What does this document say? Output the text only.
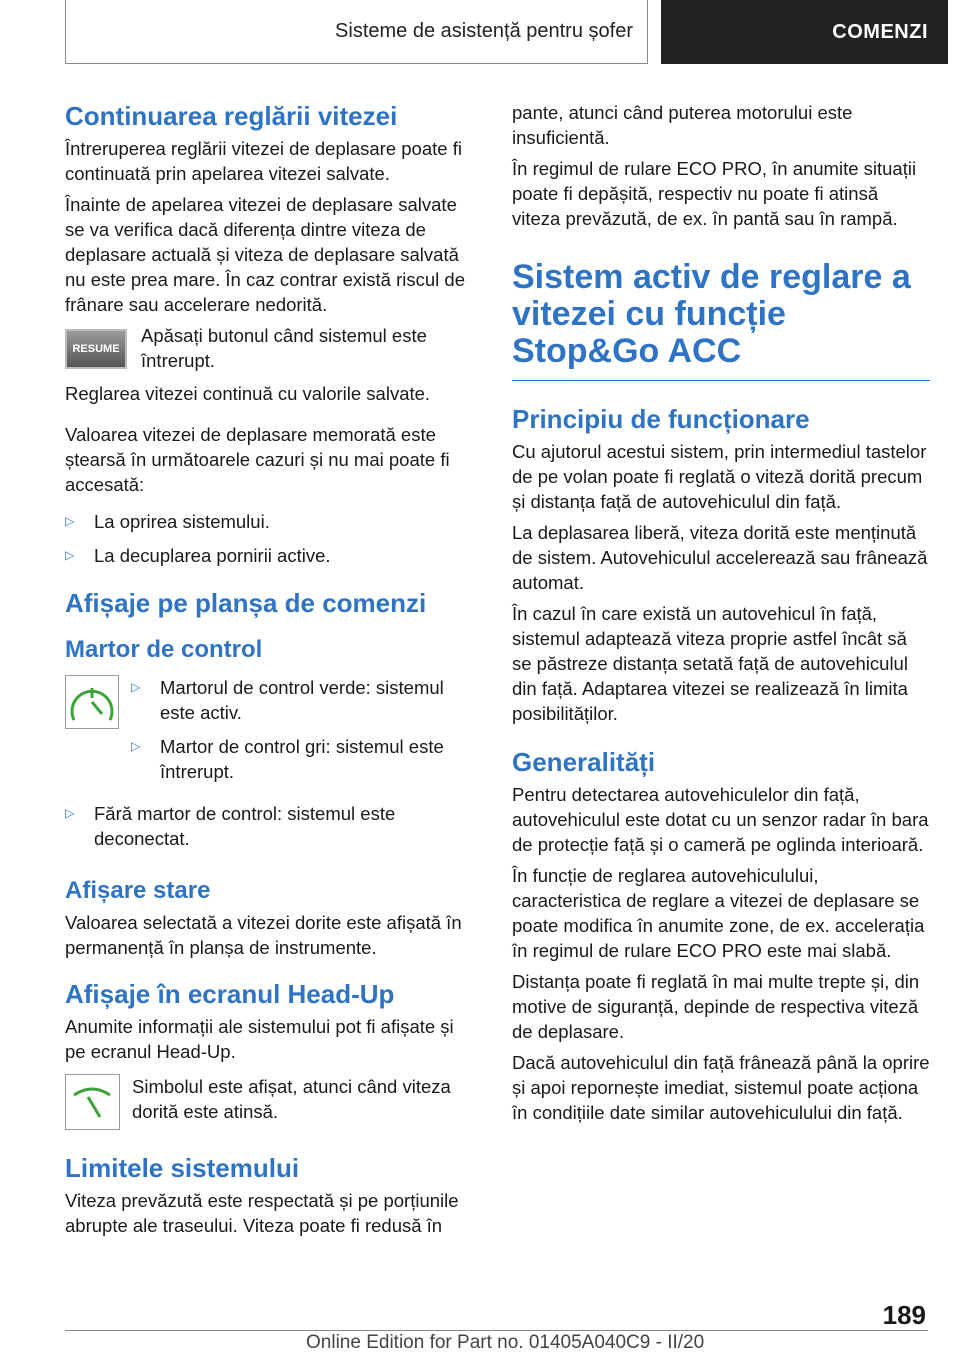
Sisteme de asistență pentru șofer	COMENZI
Continuarea reglării vitezei

Întreruperea reglării vitezei de deplasare poate fi continuată prin apelarea vitezei salvate.

Înainte de apelarea vitezei de deplasare salvate se va verifica dacă diferența dintre viteza de deplasare actuală și viteza de deplasare salvată nu este prea mare. În caz contrar există riscul de frânare sau accelerare nedorită.

RESUME

Apăsați butonul când sistemul este întrerupt.

Reglarea vitezei continuă cu valorile salvate.

Valoarea vitezei de deplasare memorată este ștearsă în următoarele cazuri și nu mai poate fi accesată:

▷	La oprirea sistemului.
▷	La decuplarea pornirii active.
Afișaje pe planșa de comenzi
Martor de control
▷	Martorul de control verde: sistemul este activ.
▷	Martor de control gri: sistemul este întrerupt.
▷	Fără martor de control: sistemul este deconectat.
Afișare stare

Valoarea selectată a vitezei dorite este afișată în permanență în planșa de instrumente.

Afișaje în ecranul Head-Up

Anumite informații ale sistemului pot fi afișate și pe ecranul Head-Up.

Simbolul este afișat, atunci când viteza dorită este atinsă.

Limitele sistemului

Viteza prevăzută este respectată și pe porțiunile abrupte ale traseului. Viteza poate fi redusă în

pante, atunci când puterea motorului este insuficientă.

În regimul de rulare ECO PRO, în anumite situații poate fi depășită, respectiv nu poate fi atinsă viteza prevăzută, de ex. în pantă sau în rampă.

Sistem activ de reglare a vitezei cu funcție Stop&Go ACC
Principiu de funcționare

Cu ajutorul acestui sistem, prin intermediul tastelor de pe volan poate fi reglată o viteză dorită precum și distanța față de autovehiculul din față.

La deplasarea liberă, viteza dorită este menținută de sistem. Autovehiculul accelerează sau frânează automat.

În cazul în care există un autovehicul în față, sistemul adaptează viteza proprie astfel încât să se păstreze distanța setată față de autovehiculul din față. Adaptarea vitezei se realizează în limita posibilităților.

Generalități

Pentru detectarea autovehiculelor din față, autovehiculul este dotat cu un senzor radar în bara de protecție față și o cameră pe oglinda interioară.

În funcție de reglarea autovehiculului, caracteristica de reglare a vitezei de deplasare se poate modifica în anumite zone, de ex. accelerația în regimul de rulare ECO PRO este mai slabă.

Distanța poate fi reglată în mai multe trepte și, din motive de siguranță, depinde de respectiva viteză de deplasare.

Dacă autovehiculul din față frânează până la oprire și apoi repornește imediat, sistemul poate acționa în condițiile date similar autovehiculului din față.

189
Online Edition for Part no. 01405A040C9 - II/20
